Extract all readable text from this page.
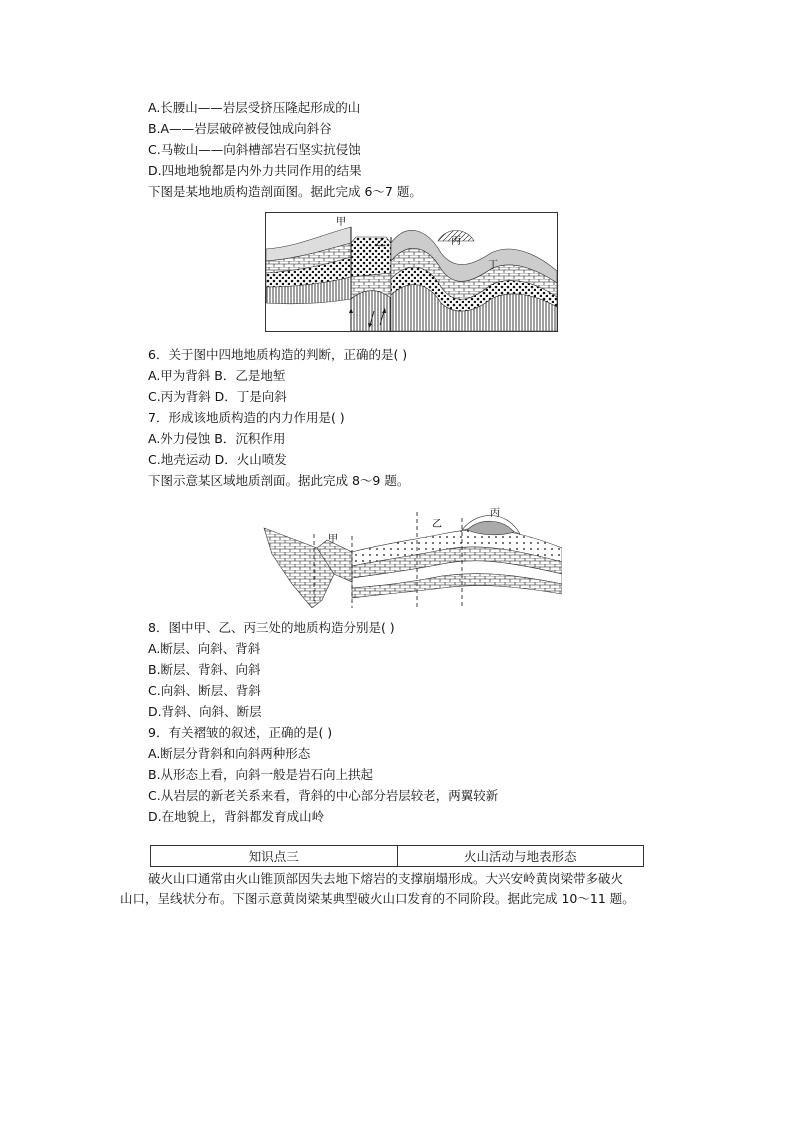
A.长腰山——岩层受挤压隆起形成的山
B.A——岩层破碎被侵蚀成向斜谷
C.马鞍山——向斜槽部岩石坚实抗侵蚀
D.四地地貌都是内外力共同作用的结果
下图是某地地质构造剖面图。据此完成 6～7 题。
甲
乙	丙
丁
6．关于图中四地地质构造的判断，正确的是( )
A.甲为背斜 B．乙是地堑
C.丙为背斜 D．丁是向斜
7．形成该地质构造的内力作用是( )
A.外力侵蚀 B．沉积作用
C.地壳运动 D．火山喷发
下图示意某区域地质剖面。据此完成 8～9 题。
甲
乙
丙
8．图中甲、乙、丙三处的地质构造分别是( )
A.断层、向斜、背斜
B.断层、背斜、向斜
C.向斜、断层、背斜
D.背斜、向斜、断层
9．有关褶皱的叙述，正确的是( )
A.断层分背斜和向斜两种形态
B.从形态上看，向斜一般是岩石向上拱起
C.从岩层的新老关系来看，背斜的中心部分岩层较老，两翼较新
D.在地貌上，背斜都发育成山岭
知识点三	火山活动与地表形态
破火山口通常由火山锥顶部因失去地下熔岩的支撑崩塌形成。大兴安岭黄岗梁带多破火
山口，呈线状分布。下图示意黄岗梁某典型破火山口发育的不同阶段。据此完成 10～11 题。
